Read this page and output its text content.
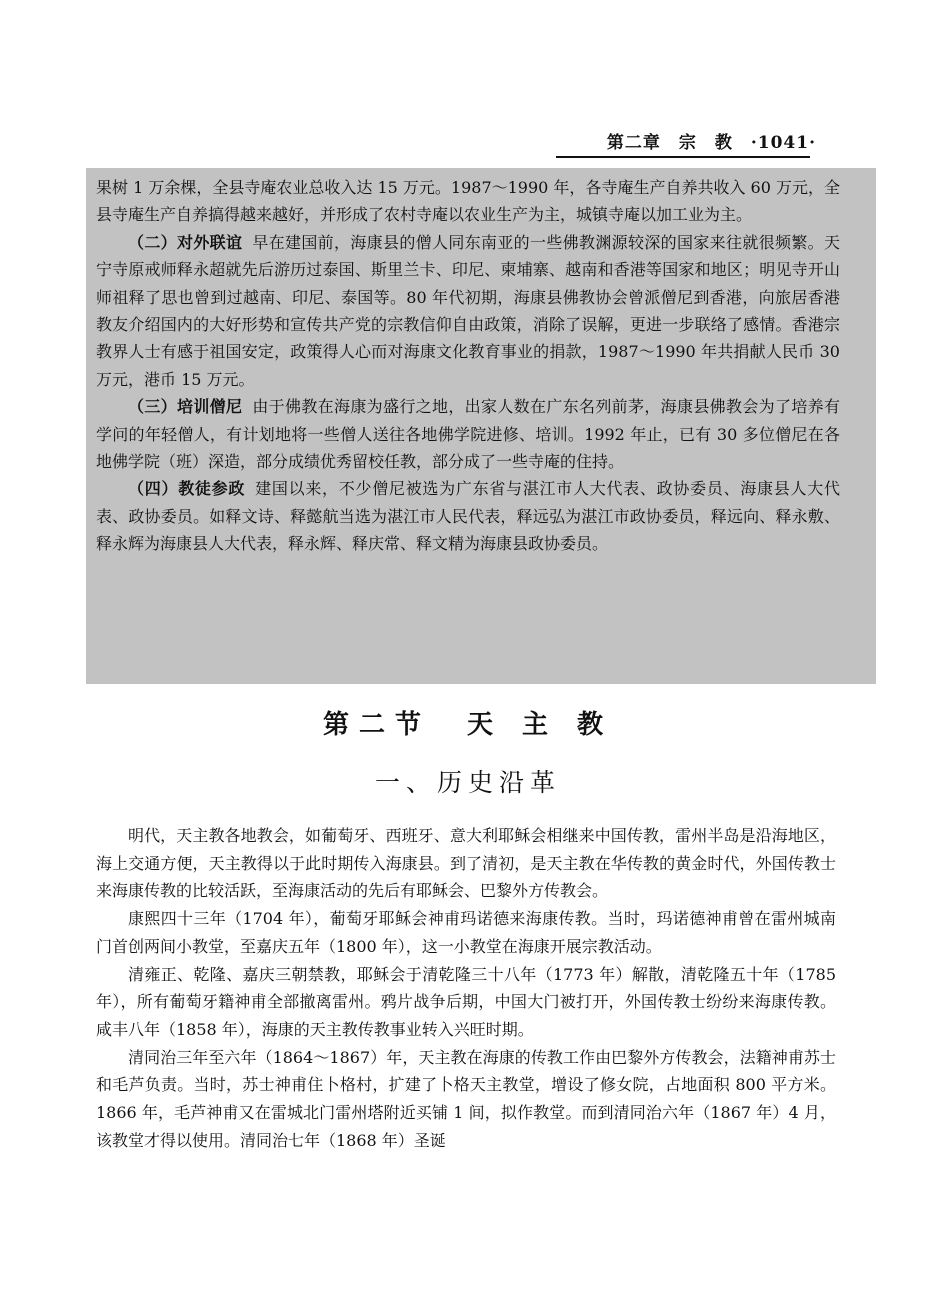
第二章　宗　教　·1041·

果树 1 万余棵，全县寺庵农业总收入达 15 万元。1987～1990 年，各寺庵生产自养共收入 60 万元，全县寺庵生产自养搞得越来越好，并形成了农村寺庵以农业生产为主，城镇寺庵以加工业为主。

（二）对外联谊 早在建国前，海康县的僧人同东南亚的一些佛教渊源较深的国家来往就很频繁。天宁寺原戒师释永超就先后游历过泰国、斯里兰卡、印尼、柬埔寨、越南和香港等国家和地区；明见寺开山师祖释了思也曾到过越南、印尼、泰国等。80 年代初期，海康县佛教协会曾派僧尼到香港，向旅居香港教友介绍国内的大好形势和宣传共产党的宗教信仰自由政策，消除了误解，更进一步联络了感情。香港宗教界人士有感于祖国安定，政策得人心而对海康文化教育事业的捐款，1987～1990 年共捐献人民币 30 万元，港币 15 万元。

（三）培训僧尼 由于佛教在海康为盛行之地，出家人数在广东名列前茅，海康县佛教会为了培养有学问的年轻僧人，有计划地将一些僧人送往各地佛学院进修、培训。1992 年止，已有 30 多位僧尼在各地佛学院（班）深造，部分成绩优秀留校任教，部分成了一些寺庵的住持。

（四）教徒参政 建国以来，不少僧尼被选为广东省与湛江市人大代表、政协委员、海康县人大代表、政协委员。如释文诗、释懿航当选为湛江市人民代表，释远弘为湛江市政协委员，释远向、释永敷、释永辉为海康县人大代表，释永辉、释庆常、释文精为海康县政协委员。

第二节　天 主 教
一、历史沿革

明代，天主教各地教会，如葡萄牙、西班牙、意大利耶稣会相继来中国传教，雷州半岛是沿海地区，海上交通方便，天主教得以于此时期传入海康县。到了清初，是天主教在华传教的黄金时代，外国传教士来海康传教的比较活跃，至海康活动的先后有耶稣会、巴黎外方传教会。

康熙四十三年（1704 年），葡萄牙耶稣会神甫玛诺德来海康传教。当时，玛诺德神甫曾在雷州城南门首创两间小教堂，至嘉庆五年（1800 年），这一小教堂在海康开展宗教活动。

清雍正、乾隆、嘉庆三朝禁教，耶稣会于清乾隆三十八年（1773 年）解散，清乾隆五十年（1785 年），所有葡萄牙籍神甫全部撤离雷州。鸦片战争后期，中国大门被打开，外国传教士纷纷来海康传教。咸丰八年（1858 年），海康的天主教传教事业转入兴旺时期。

清同治三年至六年（1864～1867）年，天主教在海康的传教工作由巴黎外方传教会，法籍神甫苏士和毛芦负责。当时，苏士神甫住卜格村，扩建了卜格天主教堂，增设了修女院，占地面积 800 平方米。1866 年，毛芦神甫又在雷城北门雷州塔附近买铺 1 间，拟作教堂。而到清同治六年（1867 年）4 月，该教堂才得以使用。清同治七年（1868 年）圣诞
